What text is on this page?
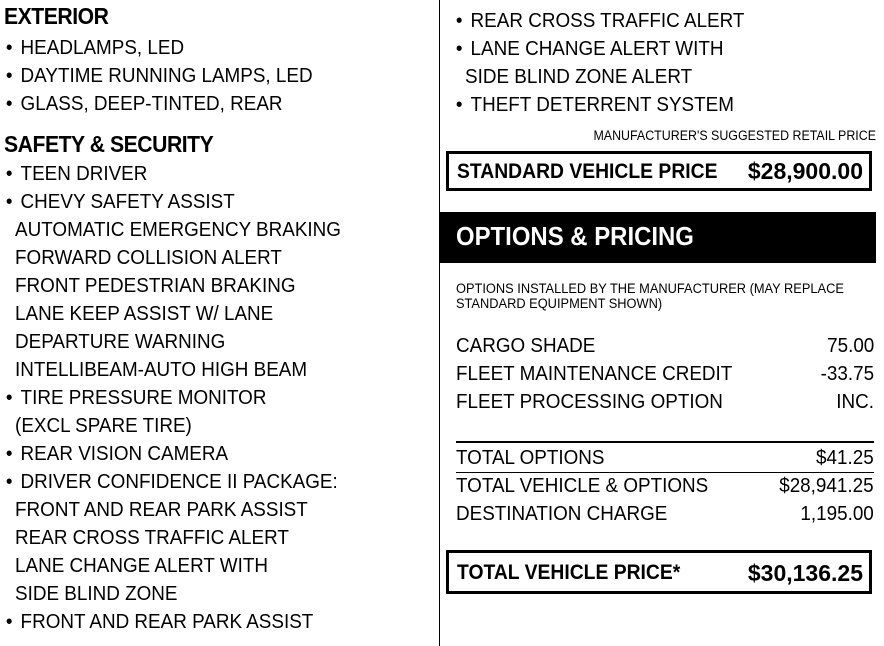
EXTERIOR
• HEADLAMPS, LED
• DAYTIME RUNNING LAMPS, LED
• GLASS, DEEP-TINTED, REAR
SAFETY & SECURITY
• TEEN DRIVER
• CHEVY SAFETY ASSIST
AUTOMATIC EMERGENCY BRAKING
FORWARD COLLISION ALERT
FRONT PEDESTRIAN BRAKING
LANE KEEP ASSIST W/ LANE
DEPARTURE WARNING
INTELLIBEAM-AUTO HIGH BEAM
• TIRE PRESSURE MONITOR
(EXCL SPARE TIRE)
• REAR VISION CAMERA
• DRIVER CONFIDENCE II PACKAGE:
FRONT AND REAR PARK ASSIST
REAR CROSS TRAFFIC ALERT
LANE CHANGE ALERT WITH
SIDE BLIND ZONE
• FRONT AND REAR PARK ASSIST
• REAR CROSS TRAFFIC ALERT
• LANE CHANGE ALERT WITH
SIDE BLIND ZONE ALERT
• THEFT DETERRENT SYSTEM
MANUFACTURER'S SUGGESTED RETAIL PRICE
STANDARD VEHICLE PRICE $28,900.00
OPTIONS & PRICING
OPTIONS INSTALLED BY THE MANUFACTURER (MAY REPLACE STANDARD EQUIPMENT SHOWN)
CARGO SHADE	75.00
FLEET MAINTENANCE CREDIT	-33.75
FLEET PROCESSING OPTION	INC.
TOTAL OPTIONS	$41.25
TOTAL VEHICLE & OPTIONS	$28,941.25
DESTINATION CHARGE	1,195.00
TOTAL VEHICLE PRICE*	$30,136.25
